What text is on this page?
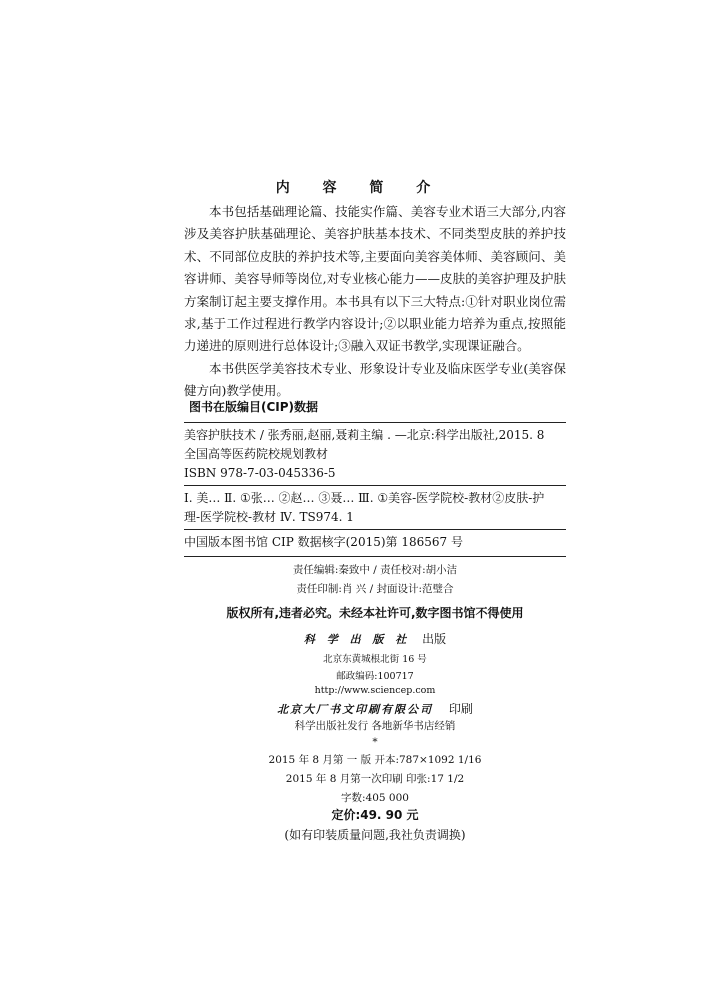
内 容 简 介

本书包括基础理论篇、技能实作篇、美容专业术语三大部分,内容涉及美容护肤基础理论、美容护肤基本技术、不同类型皮肤的养护技术、不同部位皮肤的养护技术等,主要面向美容美体师、美容顾问、美容讲师、美容导师等岗位,对专业核心能力——皮肤的美容护理及护肤方案制订起主要支撑作用。本书具有以下三大特点:①针对职业岗位需求,基于工作过程进行教学内容设计;②以职业能力培养为重点,按照能力递进的原则进行总体设计;③融入双证书教学,实现课证融合。

本书供医学美容技术专业、形象设计专业及临床医学专业(美容保健方向)教学使用。

图书在版编目(CIP)数据
美容护肤技术 / 张秀丽,赵丽,聂莉主编 . —北京:科学出版社,2015. 8
全国高等医药院校规划教材
ISBN 978-7-03-045336-5
Ⅰ. 美… Ⅱ. ①张… ②赵… ③聂… Ⅲ. ①美容-医学院校-教材②皮肤-护
理-医学院校-教材 Ⅳ. TS974. 1
中国版本图书馆 CIP 数据核字(2015)第 186567 号
责任编辑:秦致中 / 责任校对:胡小洁
责任印制:肖 兴 / 封面设计:范璧合
版权所有,违者必究。未经本社许可,数字图书馆不得使用
科 学 出 版 社 出版
北京东黄城根北街 16 号
邮政编码:100717
http://www.sciencep.com
北京大厂书文印刷有限公司 印刷
科学出版社发行 各地新华书店经销
*
2015 年 8 月第 一 版 开本:787×1092 1/16
2015 年 8 月第一次印刷 印张:17 1/2
字数:405 000
定价:49. 90 元
(如有印装质量问题,我社负责调换)
